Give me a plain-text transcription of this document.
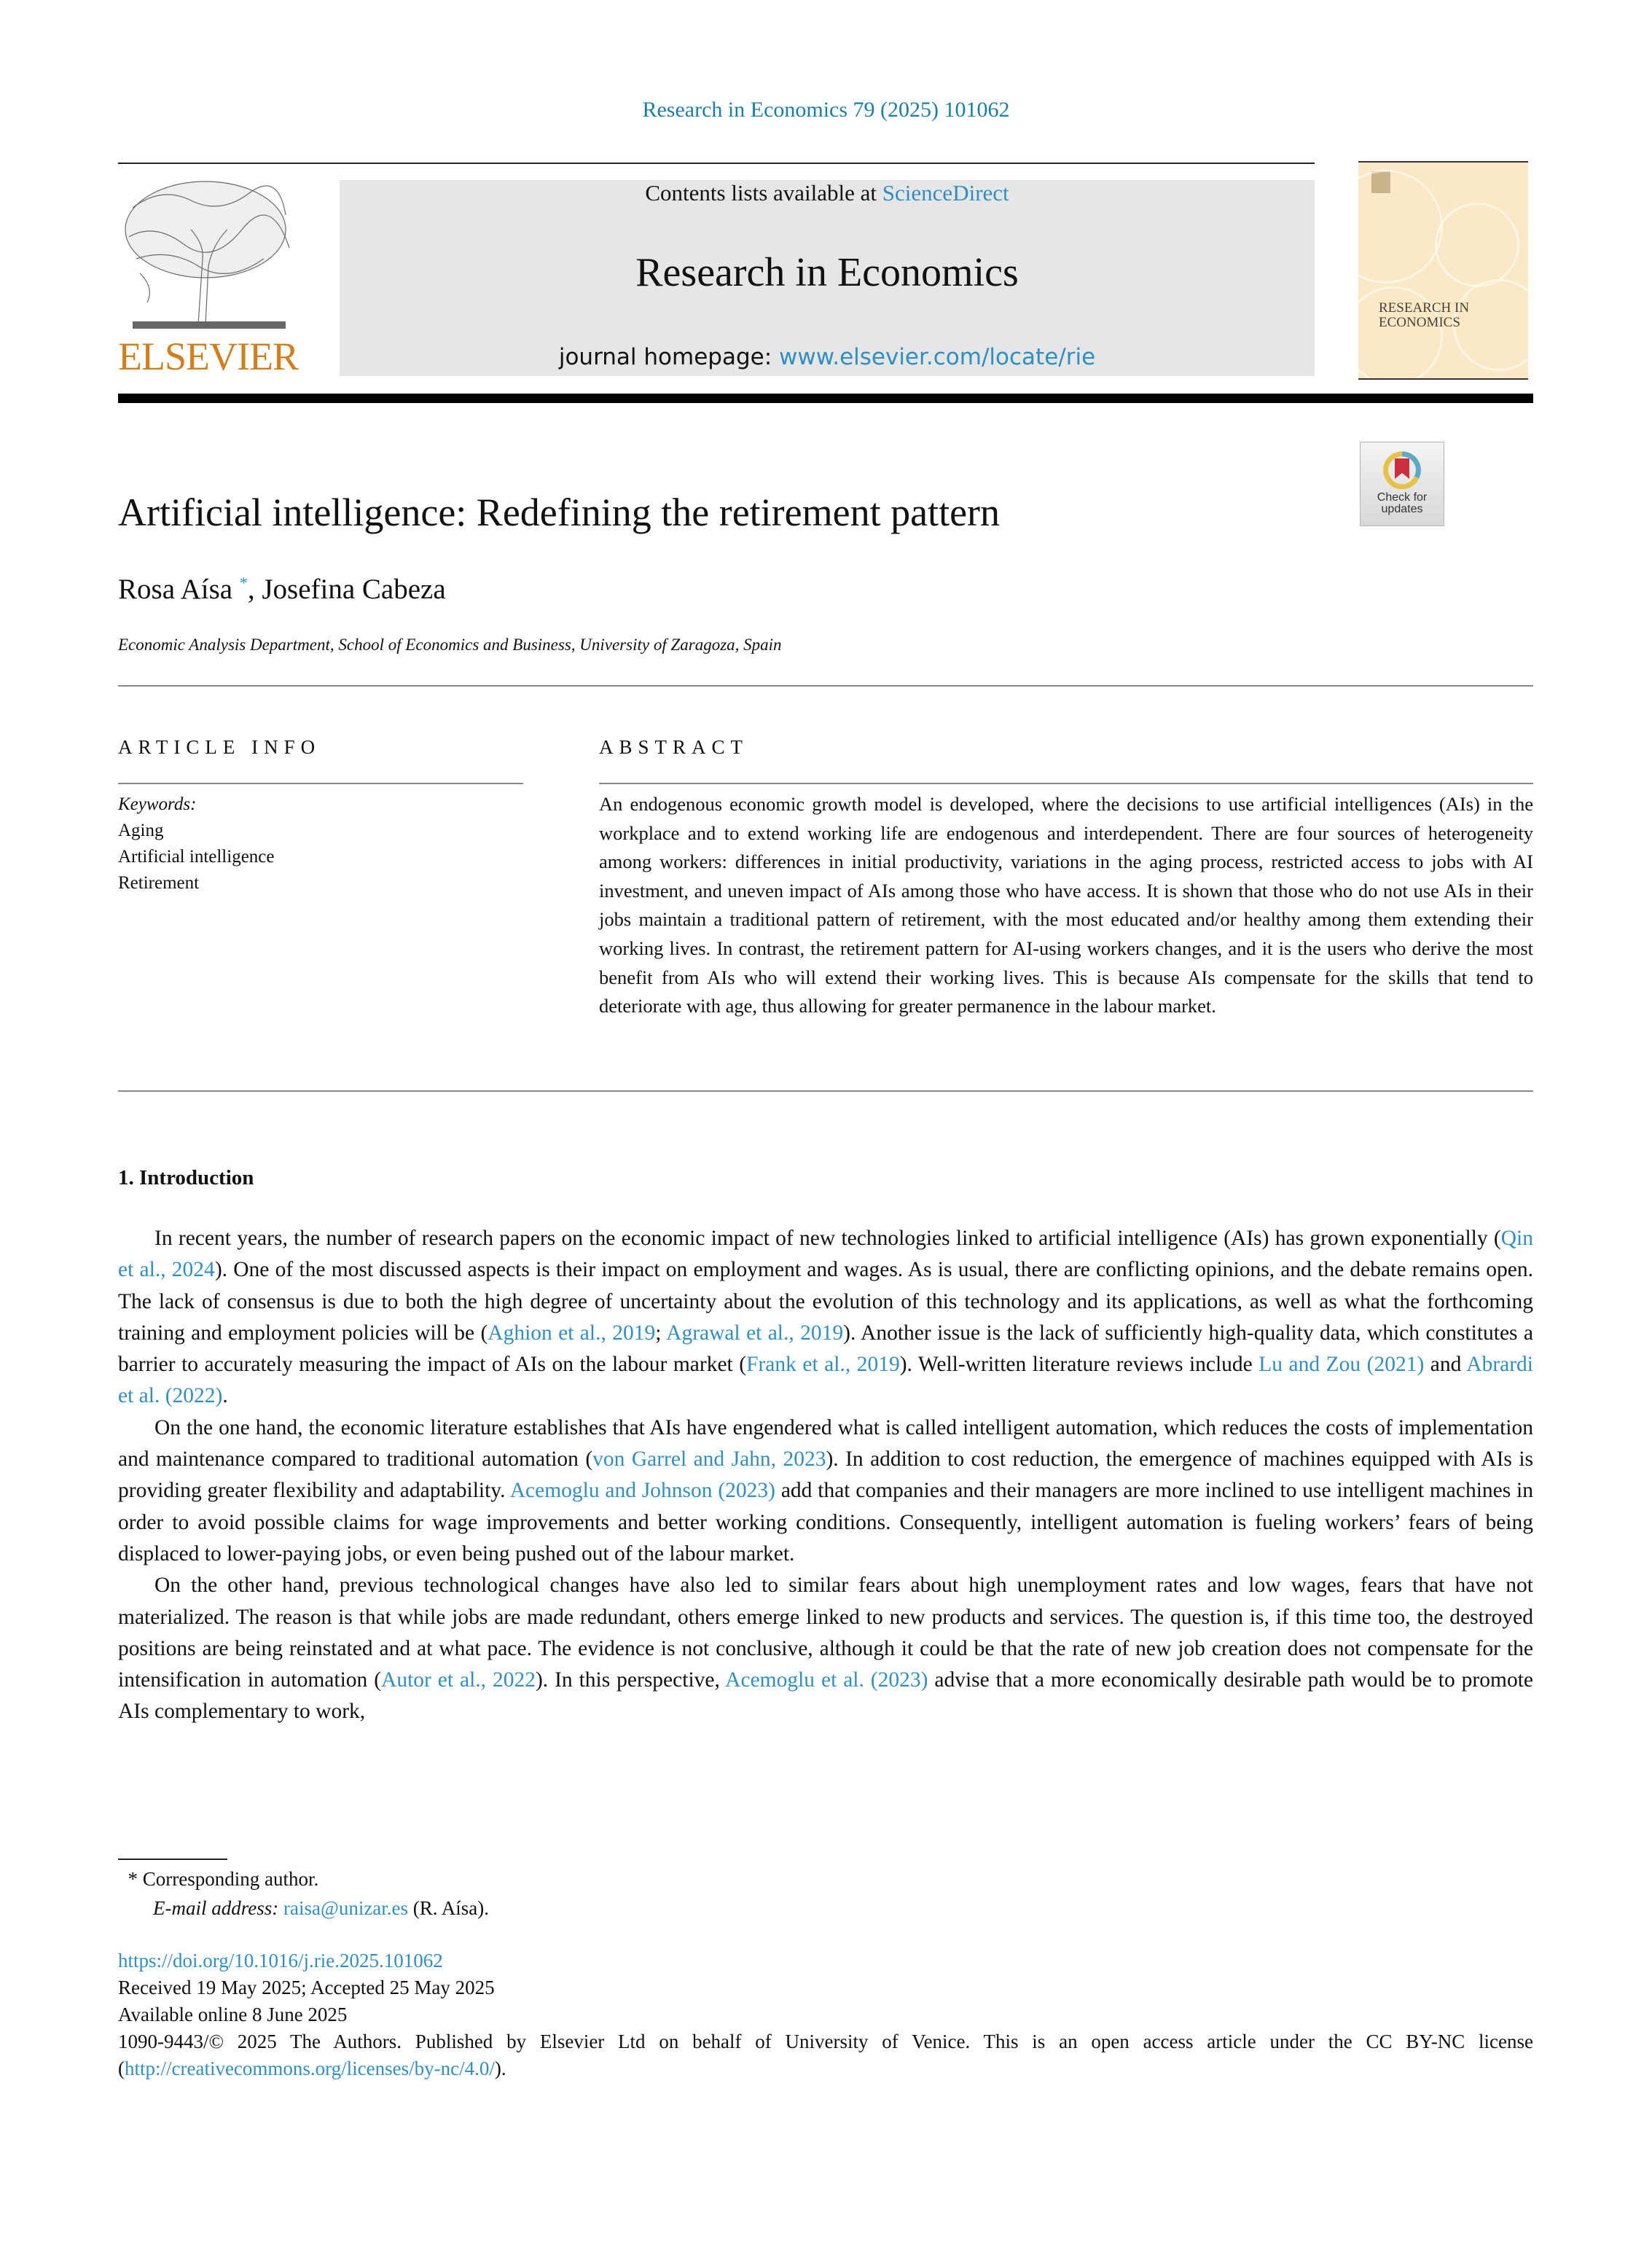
Research in Economics 79 (2025) 101062
ELSEVIER
Contents lists available at ScienceDirect
Research in Economics
journal homepage: www.elsevier.com/locate/rie
RESEARCH IN
ECONOMICS
Artificial intelligence: Redefining the retirement pattern	Check for
updates
Rosa Aísa *, Josefina Cabeza
Economic Analysis Department, School of Economics and Business, University of Zaragoza, Spain
ARTICLE INFO	ABSTRACT
Keywords:
Aging
Artificial intelligence
Retirement
An endogenous economic growth model is developed, where the decisions to use artificial intelligences (AIs) in the workplace and to extend working life are endogenous and interdependent. There are four sources of heterogeneity among workers: differences in initial productivity, variations in the aging process, restricted access to jobs with AI investment, and uneven impact of AIs among those who have access. It is shown that those who do not use AIs in their jobs maintain a traditional pattern of retirement, with the most educated and/or healthy among them extending their working lives. In contrast, the retirement pattern for AI-using workers changes, and it is the users who derive the most benefit from AIs who will extend their working lives. This is because AIs compensate for the skills that tend to deteriorate with age, thus allowing for greater permanence in the labour market.
1. Introduction

In recent years, the number of research papers on the economic impact of new technologies linked to artificial intelligence (AIs) has grown exponentially (Qin et al., 2024). One of the most discussed aspects is their impact on employment and wages. As is usual, there are conflicting opinions, and the debate remains open. The lack of consensus is due to both the high degree of uncertainty about the evolution of this technology and its applications, as well as what the forthcoming training and employment policies will be (Aghion et al., 2019; Agrawal et al., 2019). Another issue is the lack of sufficiently high-quality data, which constitutes a barrier to accurately measuring the impact of AIs on the labour market (Frank et al., 2019). Well-written literature reviews include Lu and Zou (2021) and Abrardi et al. (2022).

On the one hand, the economic literature establishes that AIs have engendered what is called intelligent automation, which reduces the costs of implementation and maintenance compared to traditional automation (von Garrel and Jahn, 2023). In addition to cost reduction, the emergence of machines equipped with AIs is providing greater flexibility and adaptability. Acemoglu and Johnson (2023) add that companies and their managers are more inclined to use intelligent machines in order to avoid possible claims for wage improvements and better working conditions. Consequently, intelligent automation is fueling workers’ fears of being displaced to lower-paying jobs, or even being pushed out of the labour market.

On the other hand, previous technological changes have also led to similar fears about high unemployment rates and low wages, fears that have not materialized. The reason is that while jobs are made redundant, others emerge linked to new products and services. The question is, if this time too, the destroyed positions are being reinstated and at what pace. The evidence is not conclusive, although it could be that the rate of new job creation does not compensate for the intensification in automation (Autor et al., 2022). In this perspective, Acemoglu et al. (2023) advise that a more economically desirable path would be to promote AIs complementary to work,

* Corresponding author.
E-mail address: raisa@unizar.es (R. Aísa).
https://doi.org/10.1016/j.rie.2025.101062
Received 19 May 2025; Accepted 25 May 2025
Available online 8 June 2025
1090-9443/© 2025 The Authors. Published by Elsevier Ltd on behalf of University of Venice. This is an open access article under the CC BY-NC license (http://creativecommons.org/licenses/by-nc/4.0/).
